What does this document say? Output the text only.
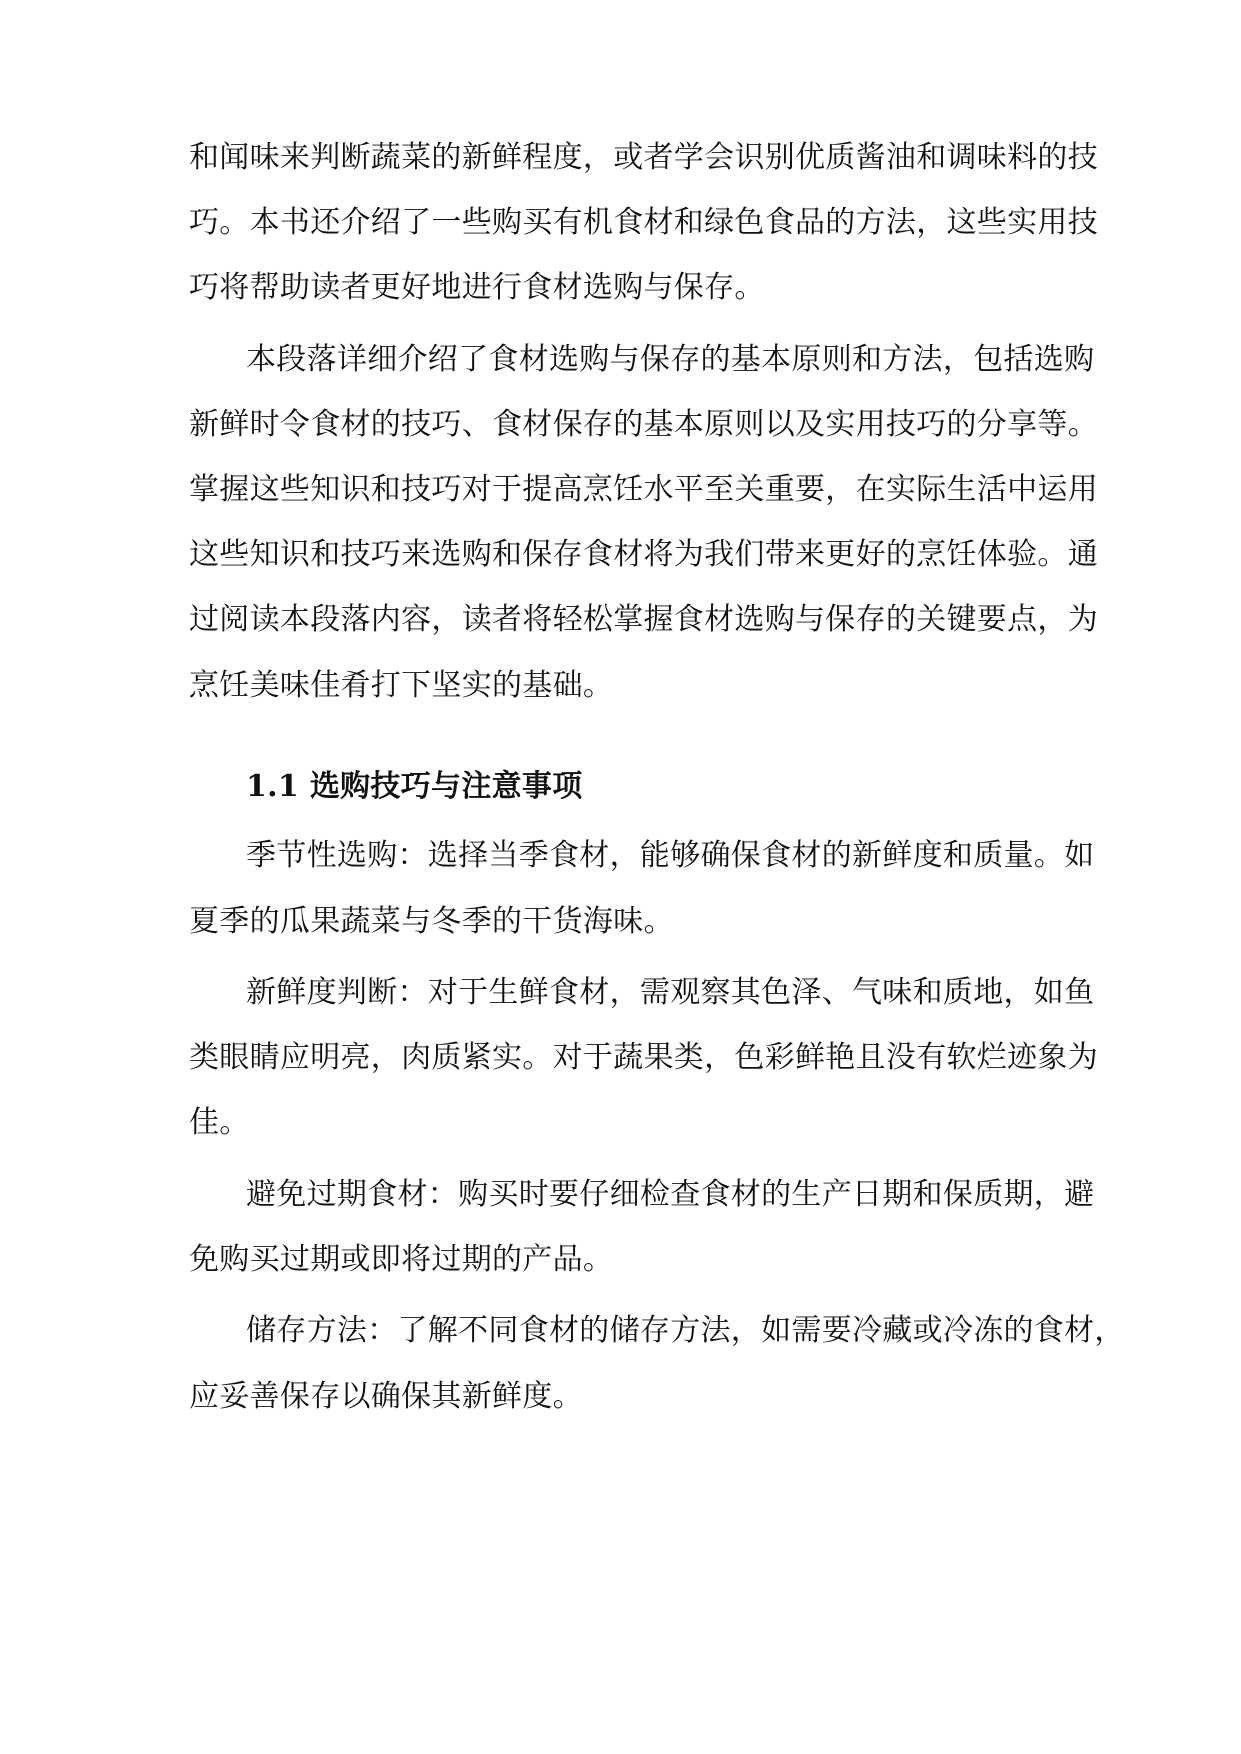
和闻味来判断蔬菜的新鲜程度，或者学会识别优质酱油和调味料的技
巧。本书还介绍了一些购买有机食材和绿色食品的方法，这些实用技
巧将帮助读者更好地进行食材选购与保存。
本段落详细介绍了食材选购与保存的基本原则和方法，包括选购
新鲜时令食材的技巧、食材保存的基本原则以及实用技巧的分享等。
掌握这些知识和技巧对于提高烹饪水平至关重要，在实际生活中运用
这些知识和技巧来选购和保存食材将为我们带来更好的烹饪体验。通
过阅读本段落内容，读者将轻松掌握食材选购与保存的关键要点，为
烹饪美味佳肴打下坚实的基础。
1.1 选购技巧与注意事项
季节性选购：选择当季食材，能够确保食材的新鲜度和质量。如
夏季的瓜果蔬菜与冬季的干货海味。
新鲜度判断：对于生鲜食材，需观察其色泽、气味和质地，如鱼
类眼睛应明亮，肉质紧实。对于蔬果类，色彩鲜艳且没有软烂迹象为
佳。
避免过期食材：购买时要仔细检查食材的生产日期和保质期，避
免购买过期或即将过期的产品。
储存方法：了解不同食材的储存方法，如需要冷藏或冷冻的食材，
应妥善保存以确保其新鲜度。
